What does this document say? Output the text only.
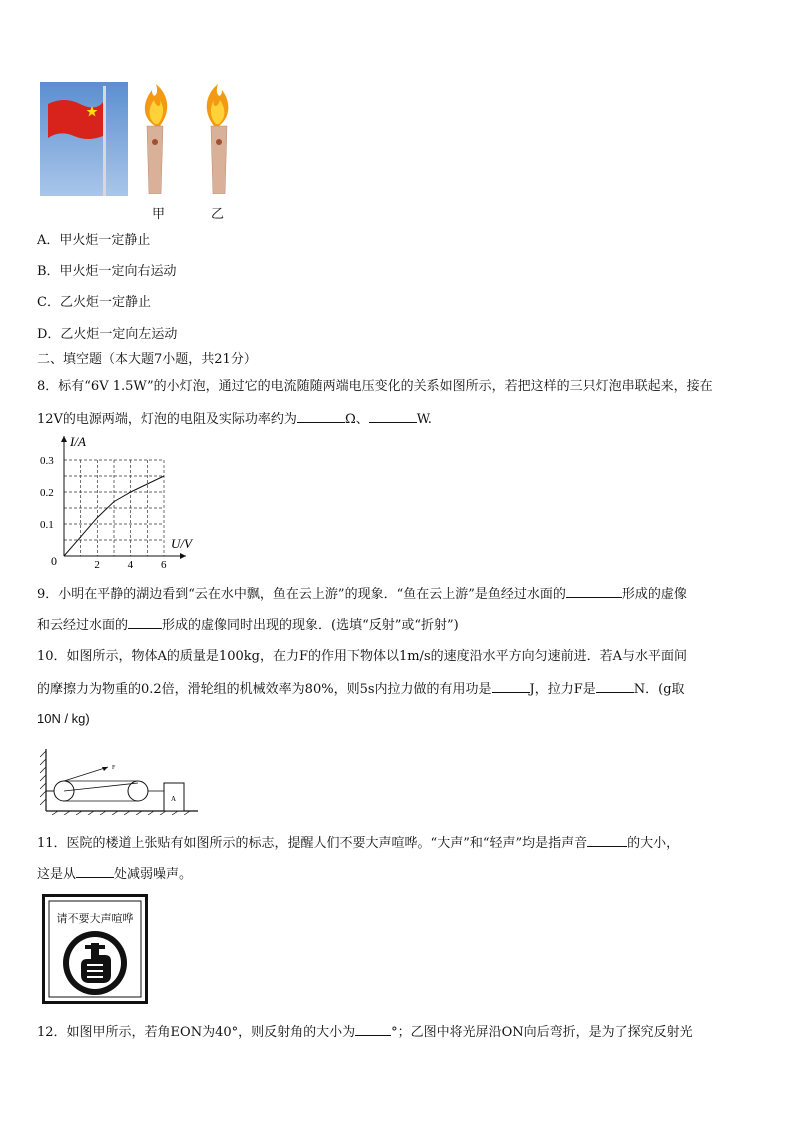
甲	乙
A．甲火炬一定静止
B．甲火炬一定向右运动
C．乙火炬一定静止
D．乙火炬一定向左运动
二、填空题（本大题7小题，共21分）
8．标有“6V 1.5W”的小灯泡，通过它的电流随随两端电压变化的关系如图所示，若把这样的三只灯泡串联起来，接在
12V的电源两端，灯泡的电阻及实际功率约为	Ω、	W.
2	4	6
0.1
0.2
0.3
I/A
U/V
0
9．小明在平静的湖边看到“云在水中飘，鱼在云上游”的现象．“鱼在云上游”是鱼经过水面的	形成的虚像
和云经过水面的	形成的虚像同时出现的现象．(选填“反射”或“折射”)
10．如图所示，物体A的质量是100kg，在力F的作用下物体以1m/s的速度沿水平方向匀速前进．若A与水平面间
的摩擦力为物重的0.2倍，滑轮组的机械效率为80%，则5s内拉力做的有用功是	J，拉力F是	N．(g取
10N / kg)
F
A
11．医院的楼道上张贴有如图所示的标志，提醒人们不要大声喧哗。“大声”和“轻声”均是指声音	的大小，
这是从	处减弱噪声。
请不要大声喧哗
12．如图甲所示，若角EON为40°，则反射角的大小为	°；乙图中将光屏沿ON向后弯折，是为了探究反射光
